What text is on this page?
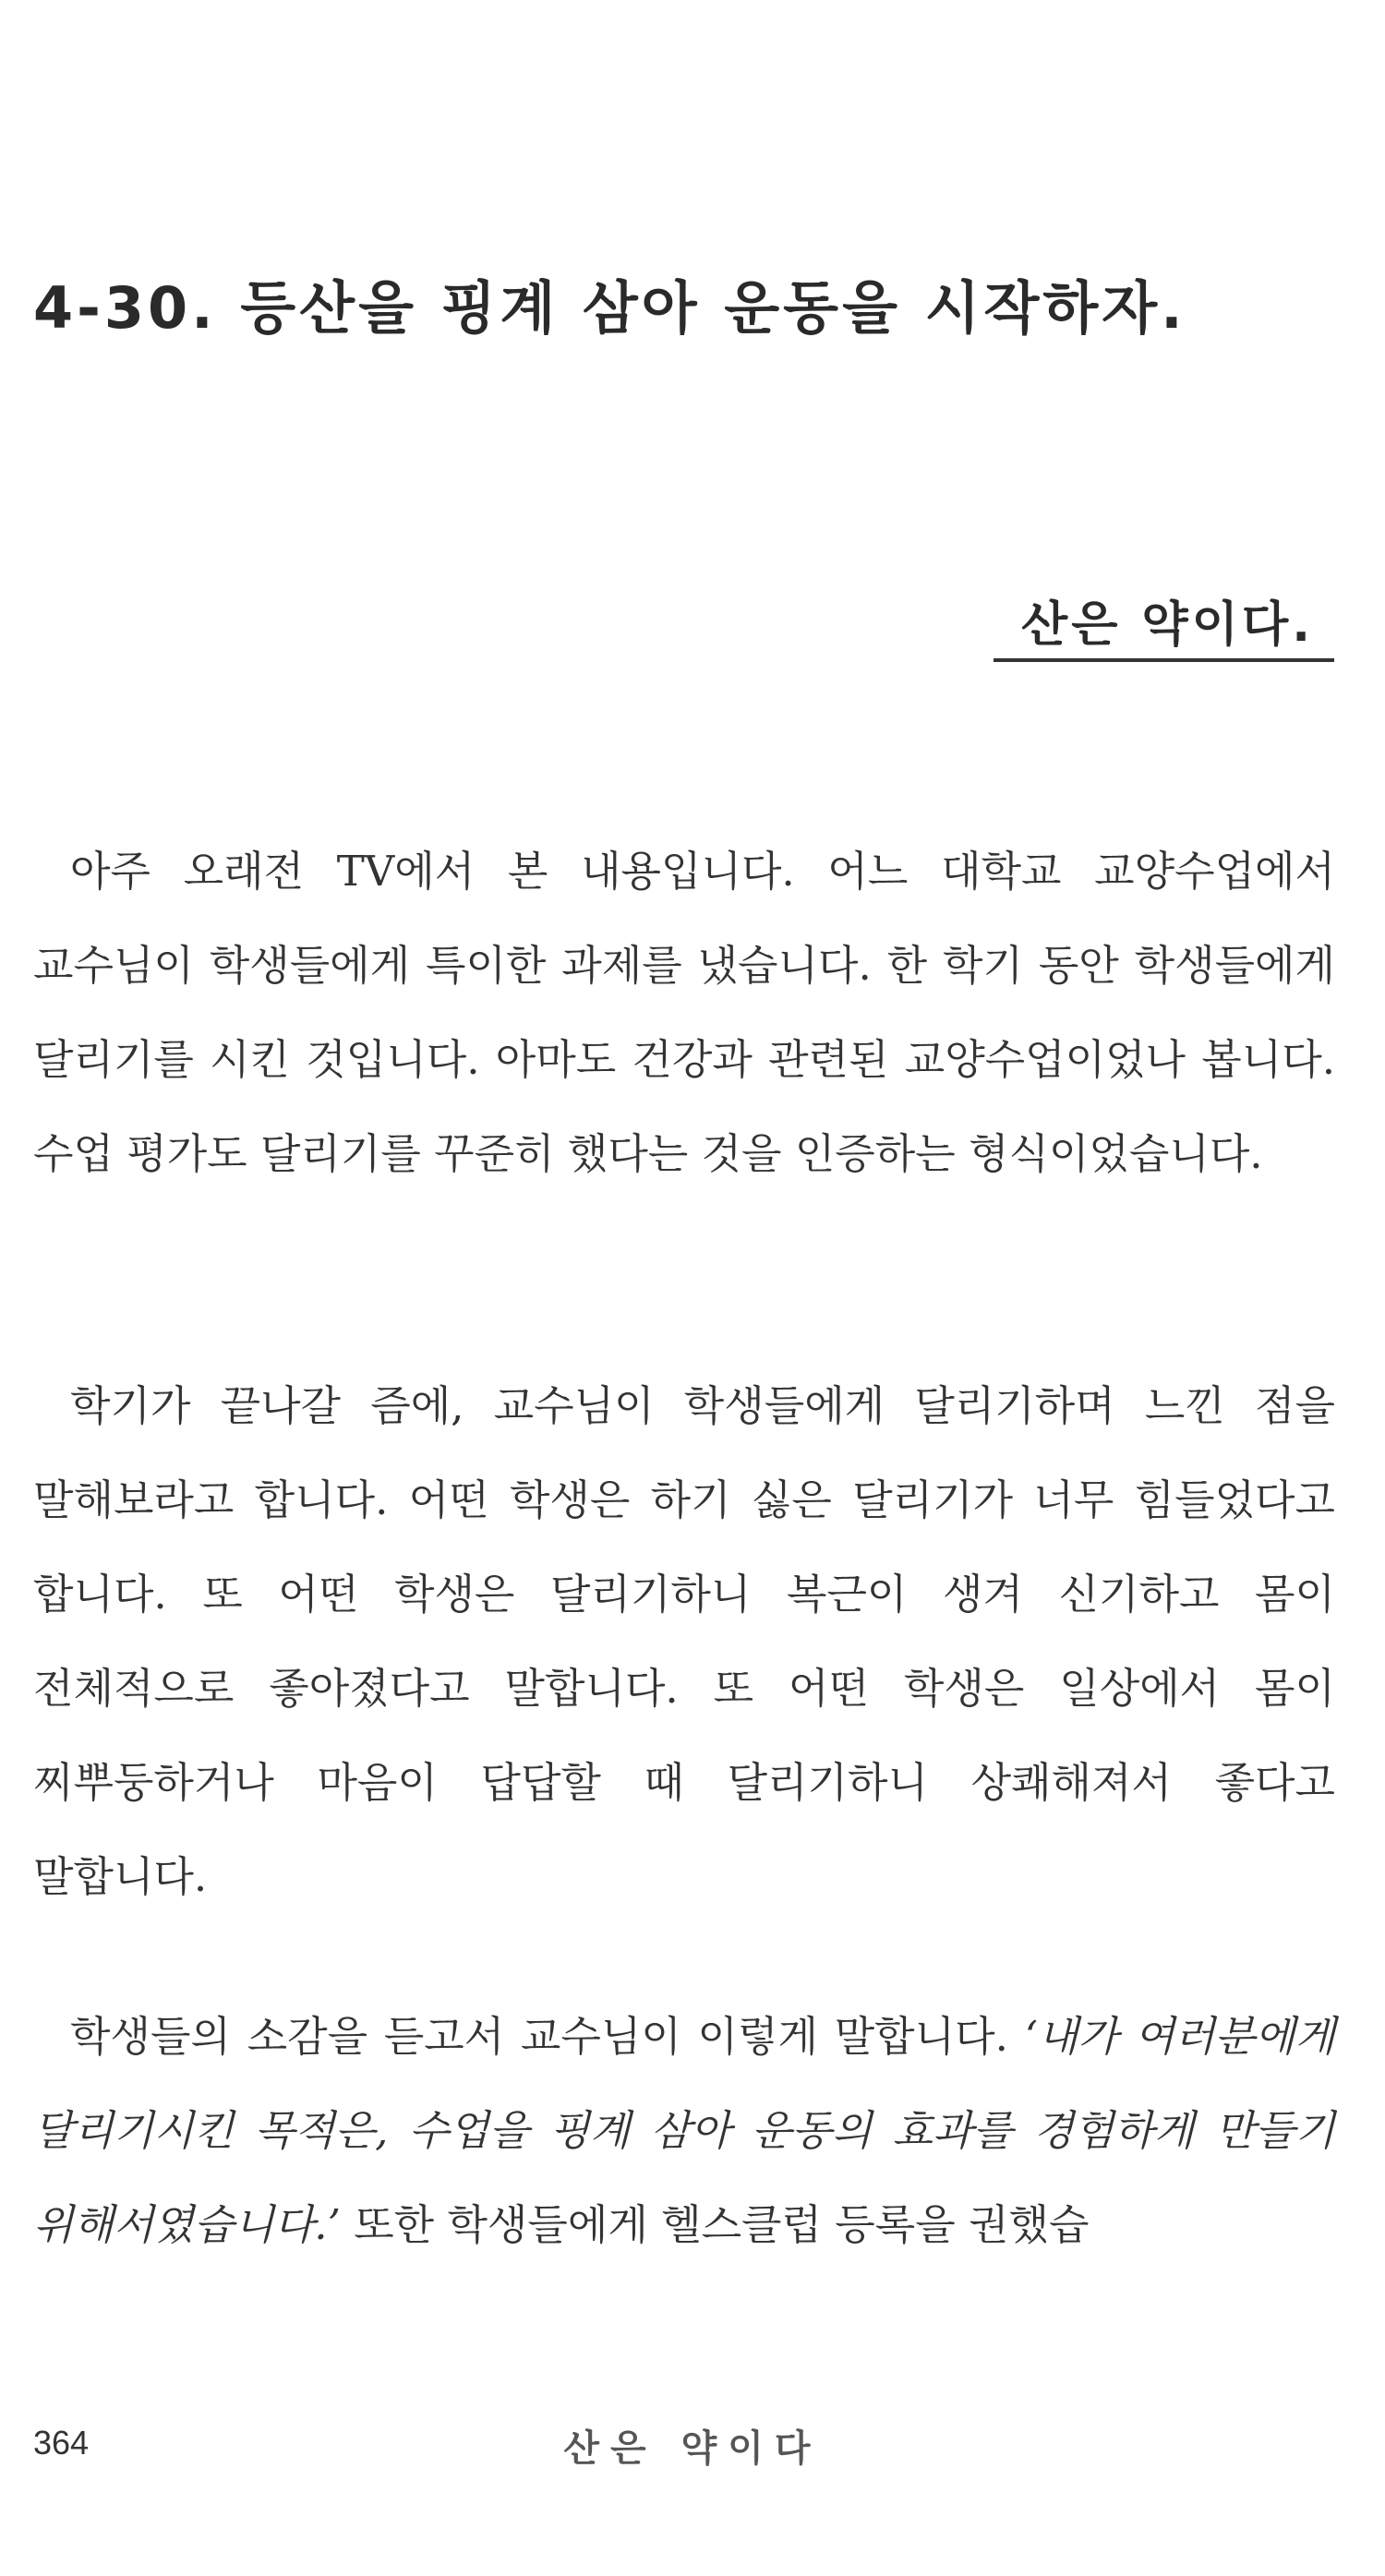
4-30. 등산을 핑계 삼아 운동을 시작하자.
산은 약이다.

아주 오래전 TV에서 본 내용입니다. 어느 대학교 교양수업에서 교수님이 학생들에게 특이한 과제를 냈습니다. 한 학기 동안 학생들에게 달리기를 시킨 것입니다. 아마도 건강과 관련된 교양수업이었나 봅니다. 수업 평가도 달리기를 꾸준히 했다는 것을 인증하는 형식이었습니다.

학기가 끝나갈 즘에, 교수님이 학생들에게 달리기하며 느낀 점을 말해보라고 합니다. 어떤 학생은 하기 싫은 달리기가 너무 힘들었다고 합니다. 또 어떤 학생은 달리기하니 복근이 생겨 신기하고 몸이 전체적으로 좋아졌다고 말합니다. 또 어떤 학생은 일상에서 몸이 찌뿌둥하거나 마음이 답답할 때 달리기하니 상쾌해져서 좋다고 말합니다.

학생들의 소감을 듣고서 교수님이 이렇게 말합니다. ‘내가 여러분에게 달리기시킨 목적은, 수업을 핑계 삼아 운동의 효과를 경험하게 만들기 위해서였습니다.’ 또한 학생들에게 헬스클럽 등록을 권했습

364	산은 약이다
